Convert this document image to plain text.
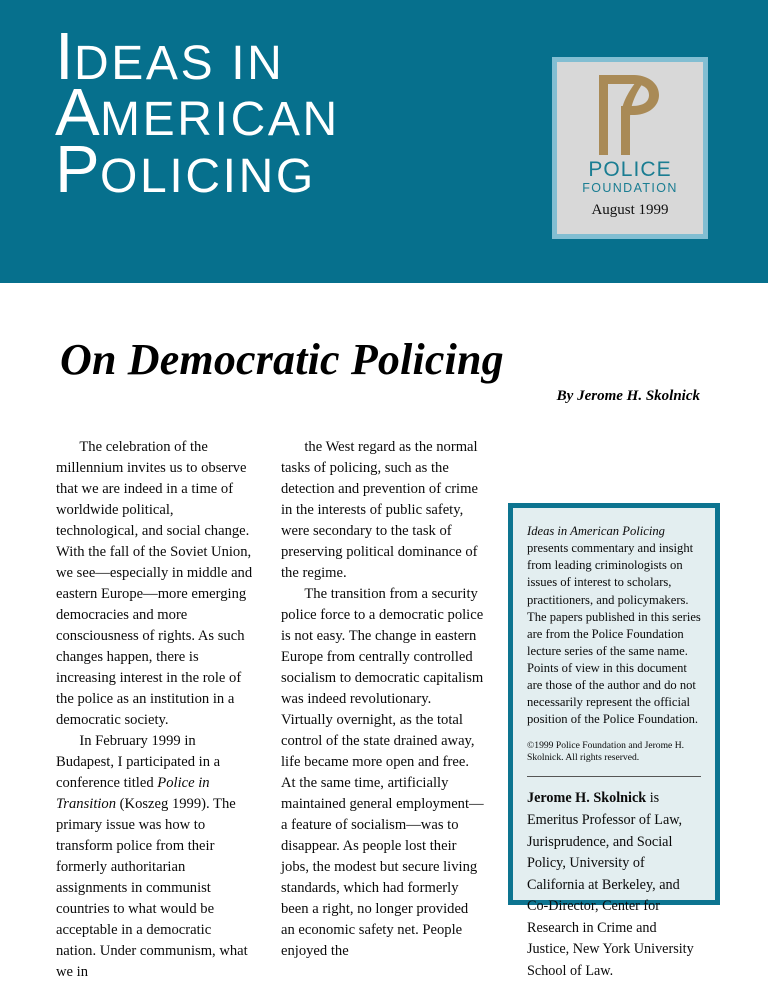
IDEAS IN
AMERICAN
POLICING	POLICE
FOUNDATION
August 1999
On Democratic Policing
By Jerome H. Skolnick

The celebration of the millennium invites us to observe that we are indeed in a time of worldwide political, technological, and social change. With the fall of the Soviet Union, we see—especially in middle and eastern Europe—more emerging democracies and more consciousness of rights. As such changes happen, there is increasing interest in the role of the police as an institution in a democratic society.

In February 1999 in Budapest, I participated in a conference titled Police in Transition (Koszeg 1999). The primary issue was how to transform police from their formerly authoritarian assignments in communist countries to what would be acceptable in a democratic nation. Under communism, what we in

the West regard as the normal tasks of policing, such as the detection and prevention of crime in the interests of public safety, were secondary to the task of preserving political dominance of the regime.

The transition from a security police force to a democratic police is not easy. The change in eastern Europe from centrally controlled socialism to democratic capitalism was indeed revolutionary. Virtually overnight, as the total control of the state drained away, life became more open and free. At the same time, artificially maintained general employment—a feature of socialism—was to disappear. As people lost their jobs, the modest but secure living standards, which had formerly been a right, no longer provided an economic safety net. People enjoyed the

Ideas in American Policing presents commentary and insight from leading criminologists on issues of interest to scholars, practitioners, and policymakers. The papers published in this series are from the Police Foundation lecture series of the same name. Points of view in this document are those of the author and do not necessarily represent the official position of the Police Foundation.

©1999 Police Foundation and Jerome H. Skolnick. All rights reserved.

Jerome H. Skolnick is Emeritus Professor of Law, Jurisprudence, and Social Policy, University of California at Berkeley, and Co-Director, Center for Research in Crime and Justice, New York University School of Law.
